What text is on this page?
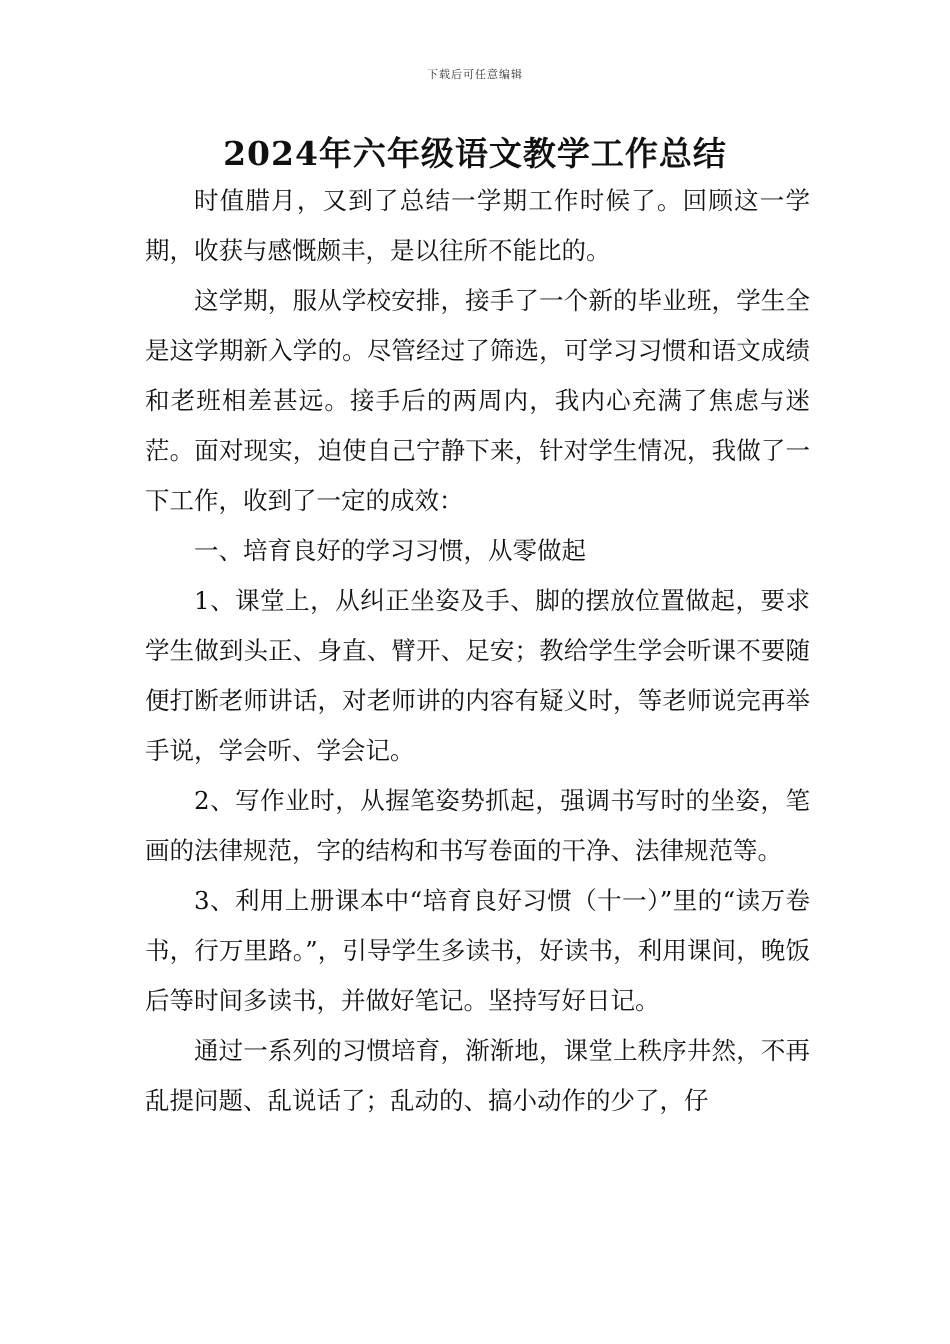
下载后可任意编辑
2024年六年级语文教学工作总结

时值腊月，又到了总结一学期工作时候了。回顾这一学期，收获与感慨颇丰，是以往所不能比的。

这学期，服从学校安排，接手了一个新的毕业班，学生全是这学期新入学的。尽管经过了筛选，可学习习惯和语文成绩和老班相差甚远。接手后的两周内，我内心充满了焦虑与迷茫。面对现实，迫使自己宁静下来，针对学生情况，我做了一下工作，收到了一定的成效：

一、培育良好的学习习惯，从零做起

1、课堂上，从纠正坐姿及手、脚的摆放位置做起，要求学生做到头正、身直、臂开、足安；教给学生学会听课不要随便打断老师讲话，对老师讲的内容有疑义时，等老师说完再举手说，学会听、学会记。

2、写作业时，从握笔姿势抓起，强调书写时的坐姿，笔画的法律规范，字的结构和书写卷面的干净、法律规范等。

3、利用上册课本中“培育良好习惯（十一）”里的“读万卷书，行万里路。”，引导学生多读书，好读书，利用课间，晚饭后等时间多读书，并做好笔记。坚持写好日记。

通过一系列的习惯培育，渐渐地，课堂上秩序井然，不再乱提问题、乱说话了；乱动的、搞小动作的少了，仔
